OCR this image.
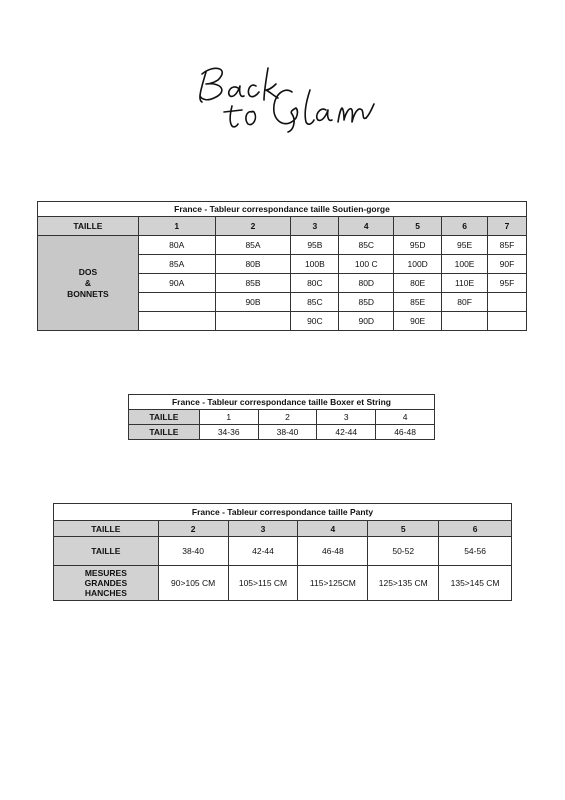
France - Tableur correspondance taille Soutien-gorge							
TAILLE	1	2	3	4	5	6	7

DOS
&
BONNETS	80A	85A	95B	85C	95D	95E	85F
	85A	80B	100B	100 C	100D	100E	90F
	90A	85B	80C	80D	80E	110E	95F
		90B	85C	85D	85E	80F	
			90C	90D	90E		
France - Tableur correspondance taille Boxer et String				
TAILLE	1	2	3	4
TAILLE	34-36	38-40	42-44	46-48
France - Tableur correspondance taille Panty					
TAILLE	2	3	4	5	6
TAILLE	38-40	42-44	46-48	50-52	54-56

MESURES
GRANDES
HANCHES	90>105 CM	105>115 CM	115>125CM	125>135 CM	135>145 CM
